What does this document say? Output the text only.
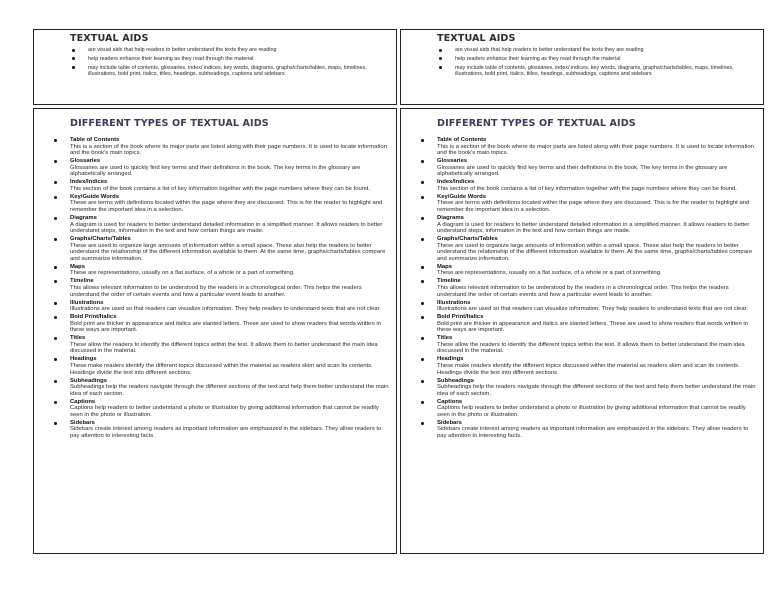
TEXTUAL AIDS
are visual aids that help readers to better understand the texts they are reading
help readers enhance their learning as they read through the material
may include table of contents, glossaries, index/ indices, key words, diagrams, graphs/charts/tables, maps, timelines, illustrations, bold print, italics, titles, headings, subheadings, captions and sidebars
DIFFERENT TYPES OF TEXTUAL AIDS
Table of Contents
This is a section of the book where its major parts are listed along with their page numbers. It is used to locate information and the book's main topics.
Glossaries
Glossaries are used to quickly find key terms and their definitions in the book. The key terms in the glossary are alphabetically arranged.
Index/Indices
This section of the book contains a list of key information together with the page numbers where they can be found.
Key/Guide Words
These are terms with definitions located within the page where they are discussed. This is for the reader to highlight and remember the important idea in a selection.
Diagrams
A diagram is used for readers to better understand detailed information in a simplified manner. It allows readers to better understand steps, information in the text and how certain things are made.
Graphs/Charts/Tables
These are used to organize large amounts of information within a small space. These also help the readers to better understand the relationship of the different information available to them. At the same time, graphs/charts/tables compare and summarize information.
Maps
These are representations, usually on a flat surface, of a whole or a part of something.
Timeline
This allows relevant information to be understood by the readers in a chronological order. This helps the readers understand the order of certain events and how a particular event leads to another.
Illustrations
Illustrations are used so that readers can visualize information. They help readers to understand texts that are not clear.
Bold Print/Italics
Bold print are thicker in appearance and italics are slanted letters. These are used to show readers that words written in these ways are important.
Titles
These allow the readers to identify the different topics within the text. It allows them to better understand the main idea discussed in the material.
Headings
These make readers identify the different topics discussed within the material as readers skim and scan its contents. Headings divide the text into different sections.
Subheadings
Subheadings help the readers navigate through the different sections of the text and help them better understand the main idea of each section.
Captions
Captions help readers to better understand a photo or illustration by giving additional information that cannot be readily seen in the photo or illustration.
Sidebars
Sidebars create interest among readers as important information are emphasized in the sidebars. They allow readers to pay attention to interesting facts.
TEXTUAL AIDS
are visual aids that help readers to better understand the texts they are reading
help readers enhance their learning as they read through the material
may include table of contents, glossaries, index/ indices, key words, diagrams, graphs/charts/tables, maps, timelines, illustrations, bold print, italics, titles, headings, subheadings, captions and sidebars
DIFFERENT TYPES OF TEXTUAL AIDS
Table of Contents
This is a section of the book where its major parts are listed along with their page numbers. It is used to locate information and the book's main topics.
Glossaries
Glossaries are used to quickly find key terms and their definitions in the book. The key terms in the glossary are alphabetically arranged.
Index/Indices
This section of the book contains a list of key information together with the page numbers where they can be found.
Key/Guide Words
These are terms with definitions located within the page where they are discussed. This is for the reader to highlight and remember the important idea in a selection.
Diagrams
A diagram is used for readers to better understand detailed information in a simplified manner. It allows readers to better understand steps, information in the text and how certain things are made.
Graphs/Charts/Tables
These are used to organize large amounts of information within a small space. These also help the readers to better understand the relationship of the different information available to them. At the same time, graphs/charts/tables compare and summarize information.
Maps
These are representations, usually on a flat surface, of a whole or a part of something.
Timeline
This allows relevant information to be understood by the readers in a chronological order. This helps the readers understand the order of certain events and how a particular event leads to another.
Illustrations
Illustrations are used so that readers can visualize information. They help readers to understand texts that are not clear.
Bold Print/Italics
Bold print are thicker in appearance and italics are slanted letters. These are used to show readers that words written in these ways are important.
Titles
These allow the readers to identify the different topics within the text. It allows them to better understand the main idea discussed in the material.
Headings
These make readers identify the different topics discussed within the material as readers skim and scan its contents. Headings divide the text into different sections.
Subheadings
Subheadings help the readers navigate through the different sections of the text and help them better understand the main idea of each section.
Captions
Captions help readers to better understand a photo or illustration by giving additional information that cannot be readily seen in the photo or illustration.
Sidebars
Sidebars create interest among readers as important information are emphasized in the sidebars. They allow readers to pay attention to interesting facts.
